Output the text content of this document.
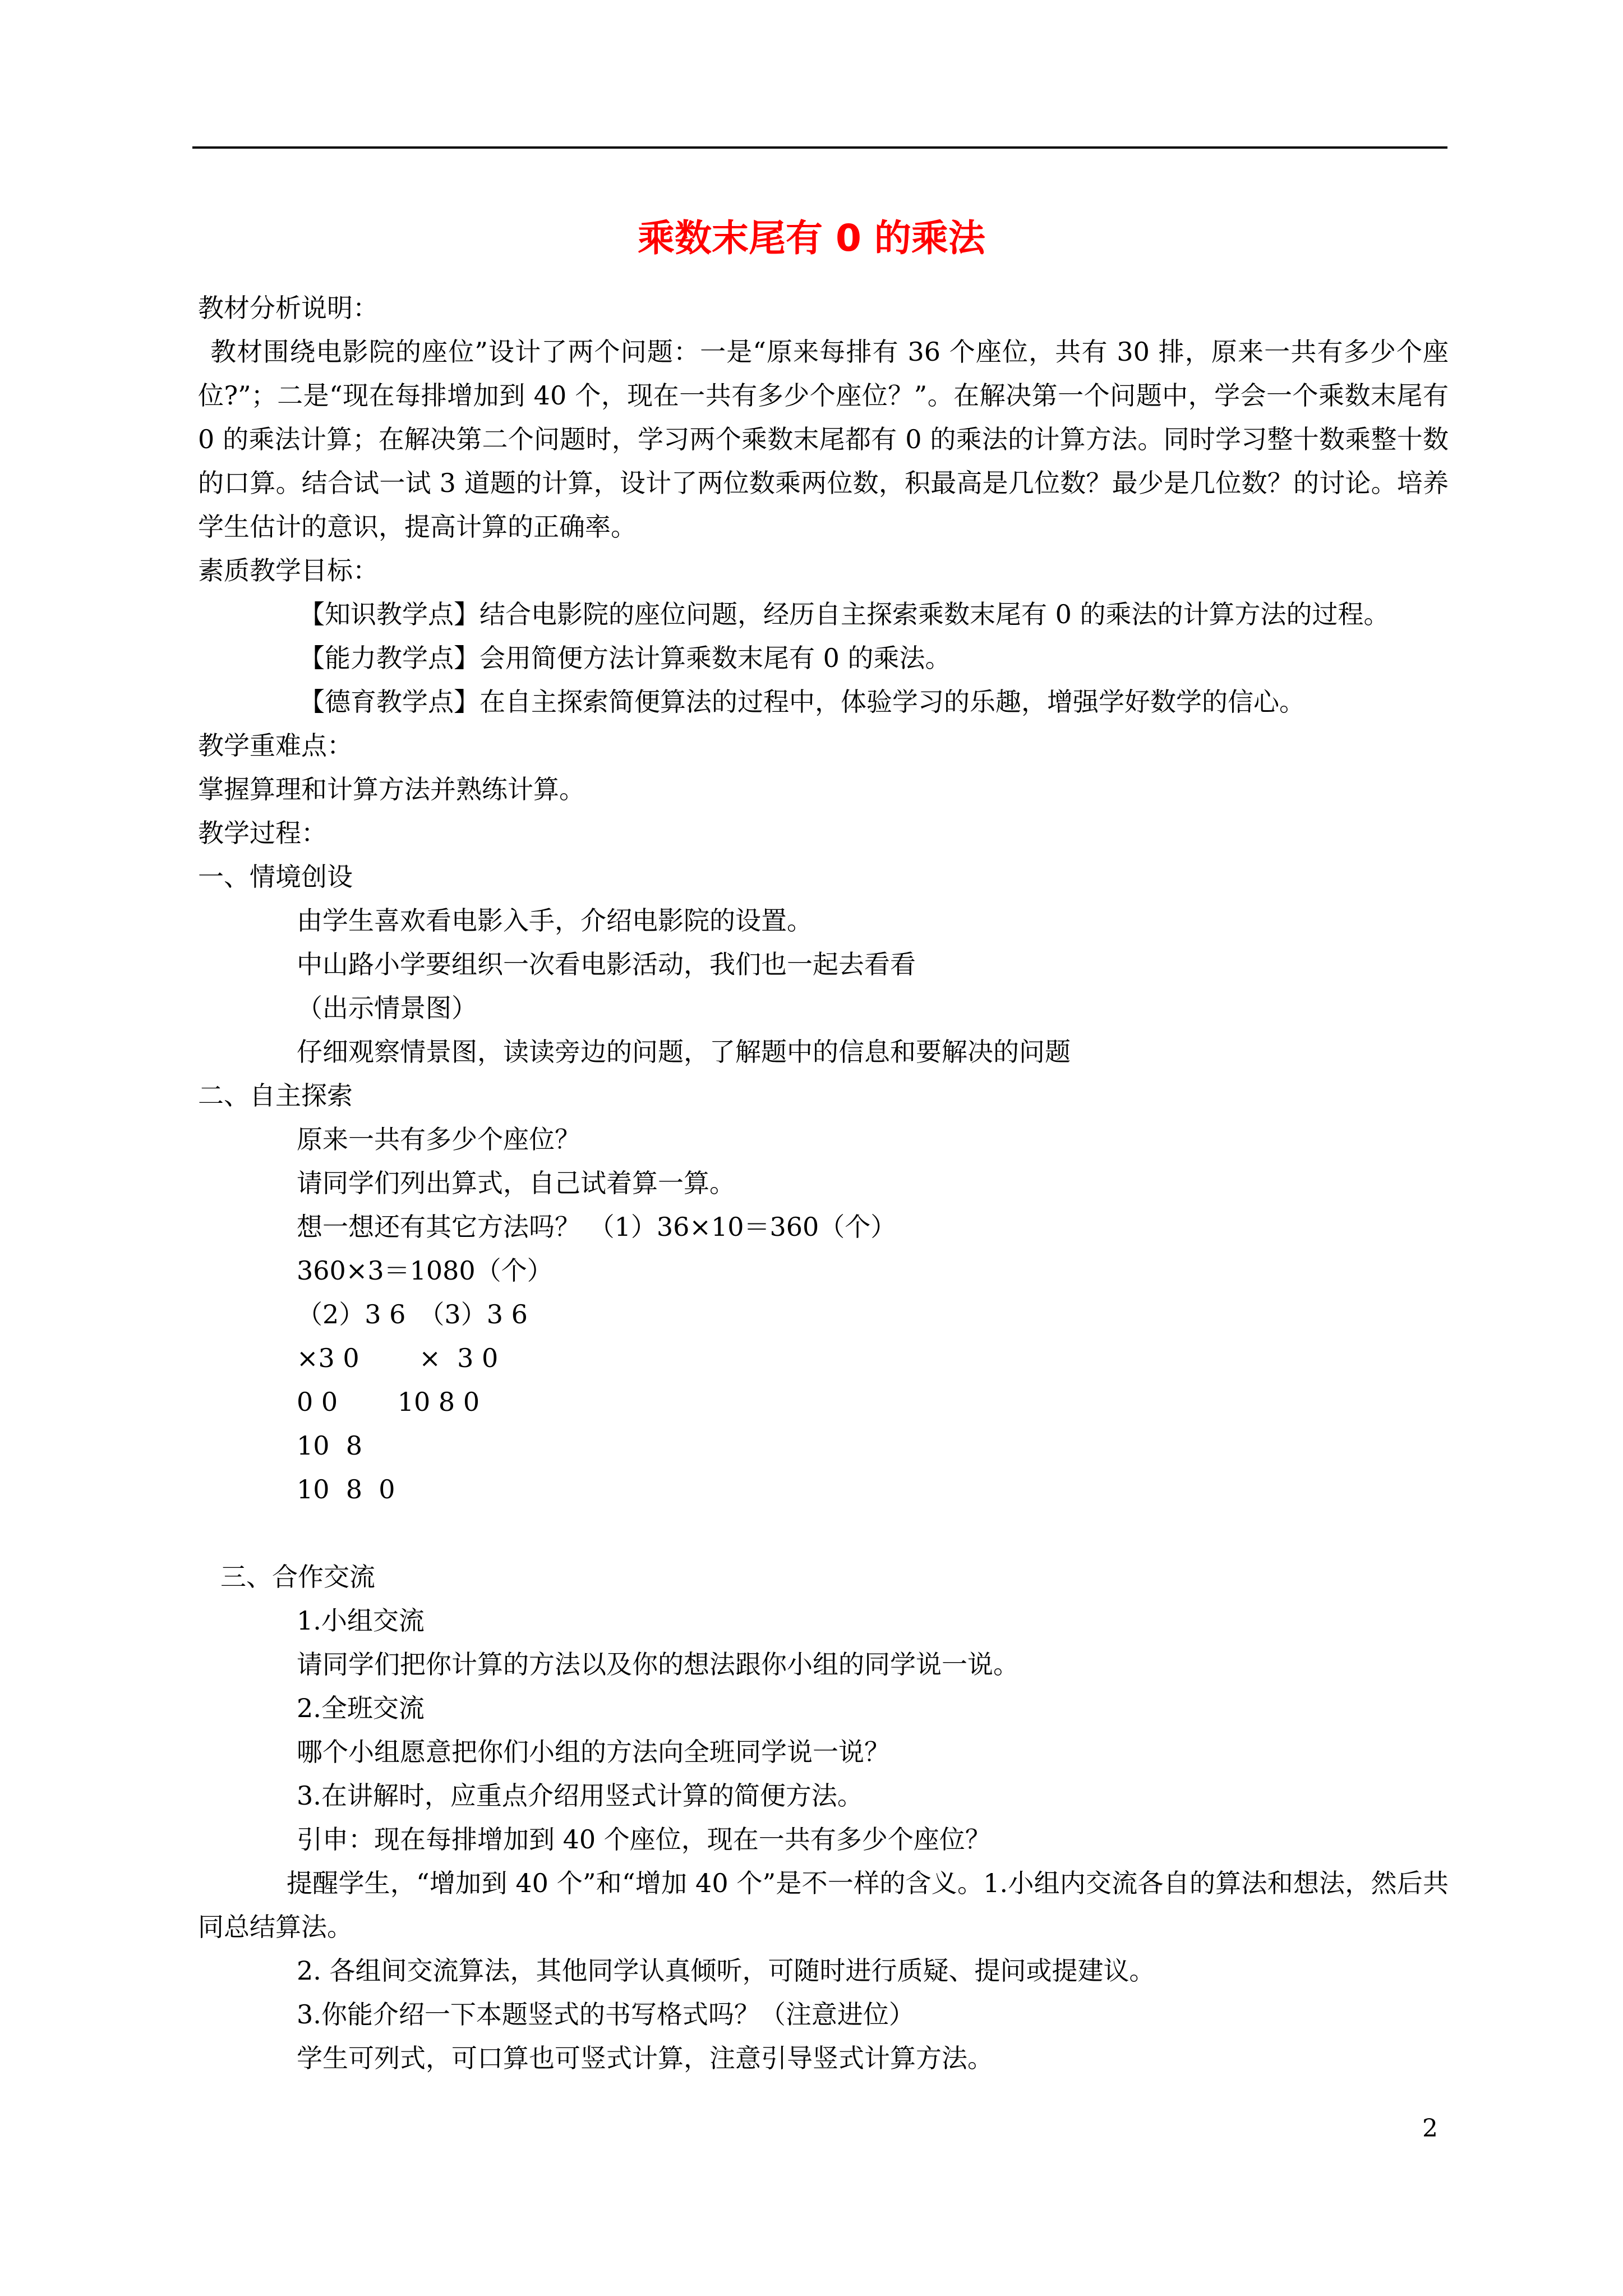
乘数末尾有 0 的乘法
教材分析说明：
教材围绕电影院的座位”设计了两个问题：一是“原来每排有 36 个座位，共有 30 排，原来一共有多少个座位?”；二是“现在每排增加到 40 个，现在一共有多少个座位？”。在解决第一个问题中，学会一个乘数末尾有 0 的乘法计算；在解决第二个问题时，学习两个乘数末尾都有 0 的乘法的计算方法。同时学习整十数乘整十数的口算。结合试一试 3 道题的计算，设计了两位数乘两位数，积最高是几位数？最少是几位数？的讨论。培养学生估计的意识，提高计算的正确率。
素质教学目标：
【知识教学点】结合电影院的座位问题，经历自主探索乘数末尾有 0 的乘法的计算方法的过程。
【能力教学点】会用简便方法计算乘数末尾有 0 的乘法。
【德育教学点】在自主探索简便算法的过程中，体验学习的乐趣，增强学好数学的信心。
教学重难点：
掌握算理和计算方法并熟练计算。
教学过程：
一、情境创设
由学生喜欢看电影入手，介绍电影院的设置。
中山路小学要组织一次看电影活动，我们也一起去看看
（出示情景图）
仔细观察情景图，读读旁边的问题，了解题中的信息和要解决的问题
二、自主探索
原来一共有多少个座位？
请同学们列出算式，自己试着算一算。
想一想还有其它方法吗？ （1）36×10＝360（个）
360×3＝1080（个）
（2）3 6　（3）3 6
×3 0　　 ×  3 0
0 0　　 10 8 0
10  8
10  8  0
三、合作交流
1.小组交流
请同学们把你计算的方法以及你的想法跟你小组的同学说一说。
2.全班交流
哪个小组愿意把你们小组的方法向全班同学说一说？
3.在讲解时，应重点介绍用竖式计算的简便方法。
引申：现在每排增加到 40 个座位，现在一共有多少个座位？
提醒学生，“增加到 40 个”和“增加 40 个”是不一样的含义。1.小组内交流各自的算法和想法，然后共同总结算法。
2. 各组间交流算法，其他同学认真倾听，可随时进行质疑、提问或提建议。
3.你能介绍一下本题竖式的书写格式吗？（注意进位）
学生可列式，可口算也可竖式计算，注意引导竖式计算方法。
2
